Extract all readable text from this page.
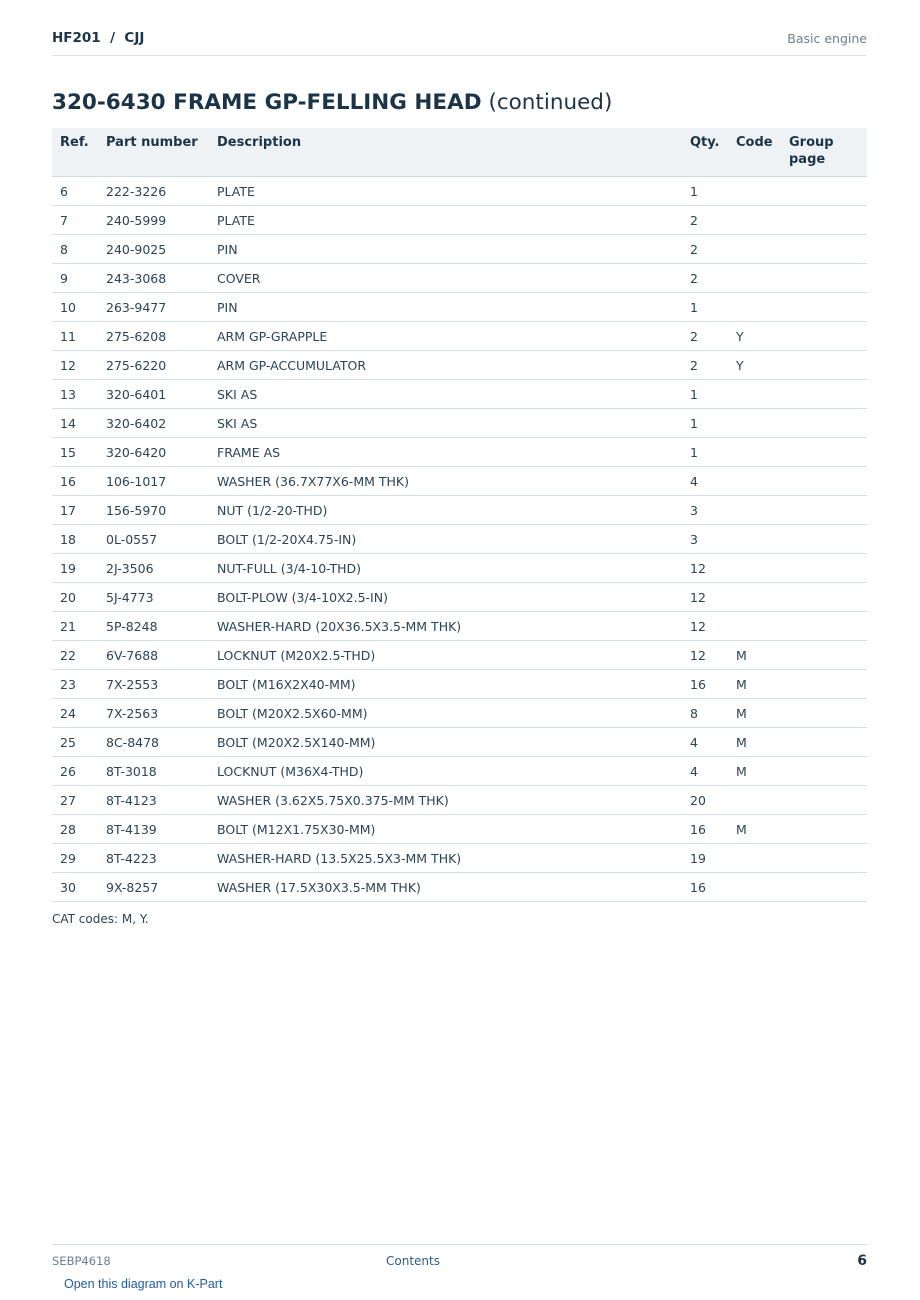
HF201  /  CJJ	Basic engine
320-6430 FRAME GP-FELLING HEAD (continued)
Ref.	Part number	Description	Qty.	Code	Group page
6	222-3226	PLATE	1		
7	240-5999	PLATE	2		
8	240-9025	PIN	2		
9	243-3068	COVER	2		
10	263-9477	PIN	1		
11	275-6208	ARM GP-GRAPPLE	2	Y	
12	275-6220	ARM GP-ACCUMULATOR	2	Y	
13	320-6401	SKI AS	1		
14	320-6402	SKI AS	1		
15	320-6420	FRAME AS	1		
16	106-1017	WASHER (36.7X77X6-MM THK)	4		
17	156-5970	NUT (1/2-20-THD)	3		
18	0L-0557	BOLT (1/2-20X4.75-IN)	3		
19	2J-3506	NUT-FULL (3/4-10-THD)	12		
20	5J-4773	BOLT-PLOW (3/4-10X2.5-IN)	12		
21	5P-8248	WASHER-HARD (20X36.5X3.5-MM THK)	12		
22	6V-7688	LOCKNUT (M20X2.5-THD)	12	M	
23	7X-2553	BOLT (M16X2X40-MM)	16	M	
24	7X-2563	BOLT (M20X2.5X60-MM)	8	M	
25	8C-8478	BOLT (M20X2.5X140-MM)	4	M	
26	8T-3018	LOCKNUT (M36X4-THD)	4	M	
27	8T-4123	WASHER (3.62X5.75X0.375-MM THK)	20		
28	8T-4139	BOLT (M12X1.75X30-MM)	16	M	
29	8T-4223	WASHER-HARD (13.5X25.5X3-MM THK)	19		
30	9X-8257	WASHER (17.5X30X3.5-MM THK)	16		
CAT codes: M, Y.
SEBP4618	Contents	6
Open this diagram on K-Part
